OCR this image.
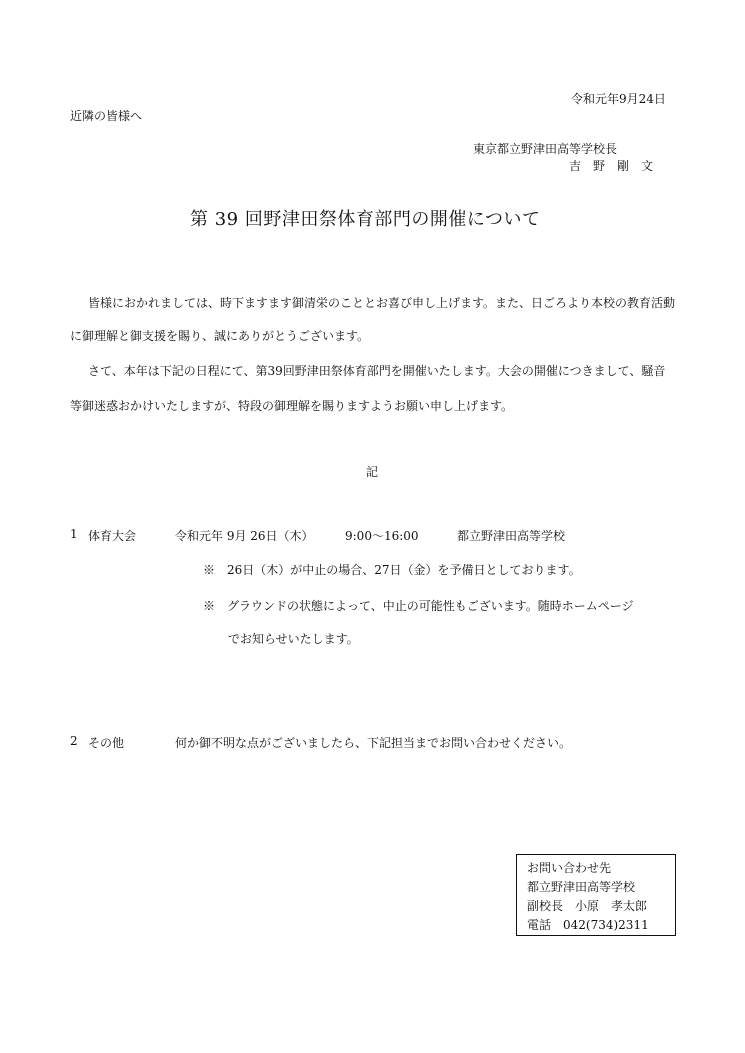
令和元年9月24日
近隣の皆様へ
東京都立野津田高等学校長
吉　野　剛　文
第 39 回野津田祭体育部門の開催について
皆様におかれましては、時下ますます御清栄のこととお喜び申し上げます。また、日ごろより本校の教育活動
に御理解と御支援を賜り、誠にありがとうございます。
さて、本年は下記の日程にて、第39回野津田祭体育部門を開催いたします。大会の開催につきまして、騒音
等御迷惑おかけいたしますが、特段の御理解を賜りますようお願い申し上げます。
記
1 体育大会	令和元年 9月 26日（木）	9:00～16:00	都立野津田高等学校
※　26日（木）が中止の場合、27日（金）を予備日としております。
※　グラウンドの状態によって、中止の可能性もございます。随時ホームページ
でお知らせいたします。
2 その他	何か御不明な点がございましたら、下記担当までお問い合わせください。
お問い合わせ先
都立野津田高等学校
副校長　小原　孝太郎
電話　042(734)2311
